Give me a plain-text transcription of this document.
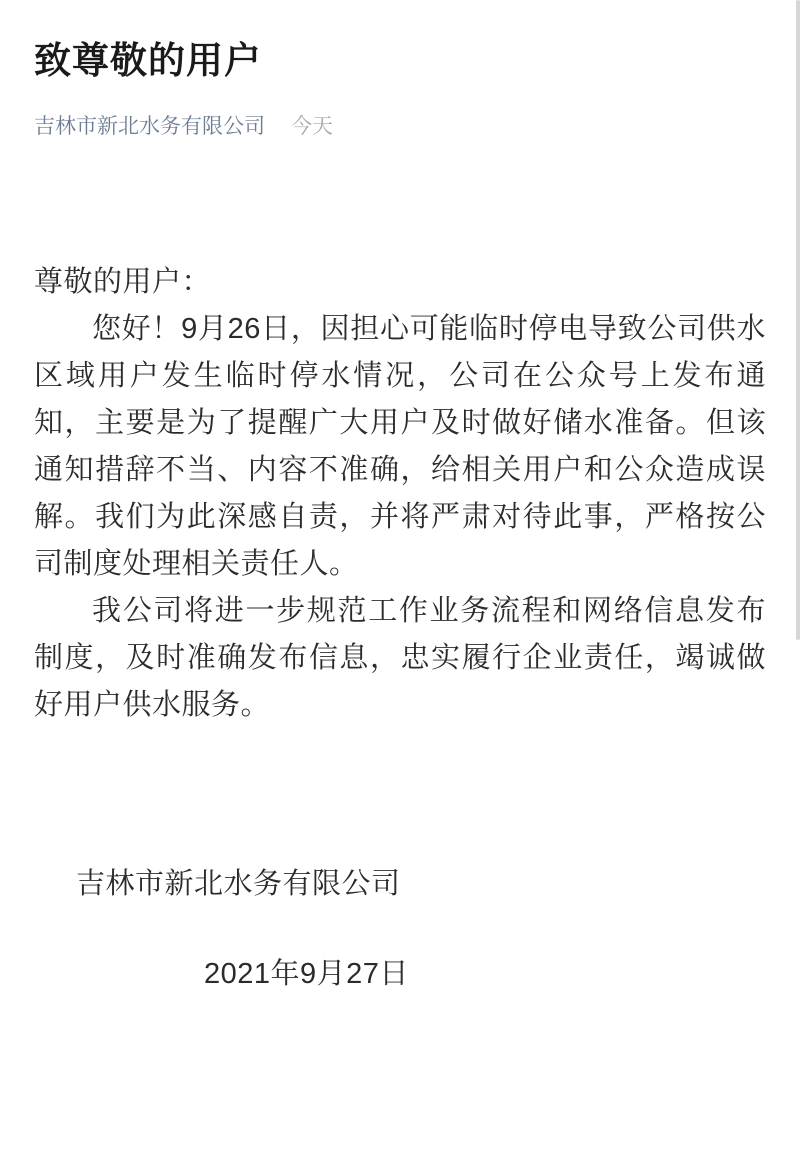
致尊敬的用户
吉林市新北水务有限公司 今天

尊敬的用户：

您好！9月26日，因担心可能临时停电导致公司供水区域用户发生临时停水情况，公司在公众号上发布通知，主要是为了提醒广大用户及时做好储水准备。但该通知措辞不当、内容不准确，给相关用户和公众造成误解。我们为此深感自责，并将严肃对待此事，严格按公司制度处理相关责任人。

我公司将进一步规范工作业务流程和网络信息发布制度，及时准确发布信息，忠实履行企业责任，竭诚做好用户供水服务。

吉林市新北水务有限公司
2021年9月27日
